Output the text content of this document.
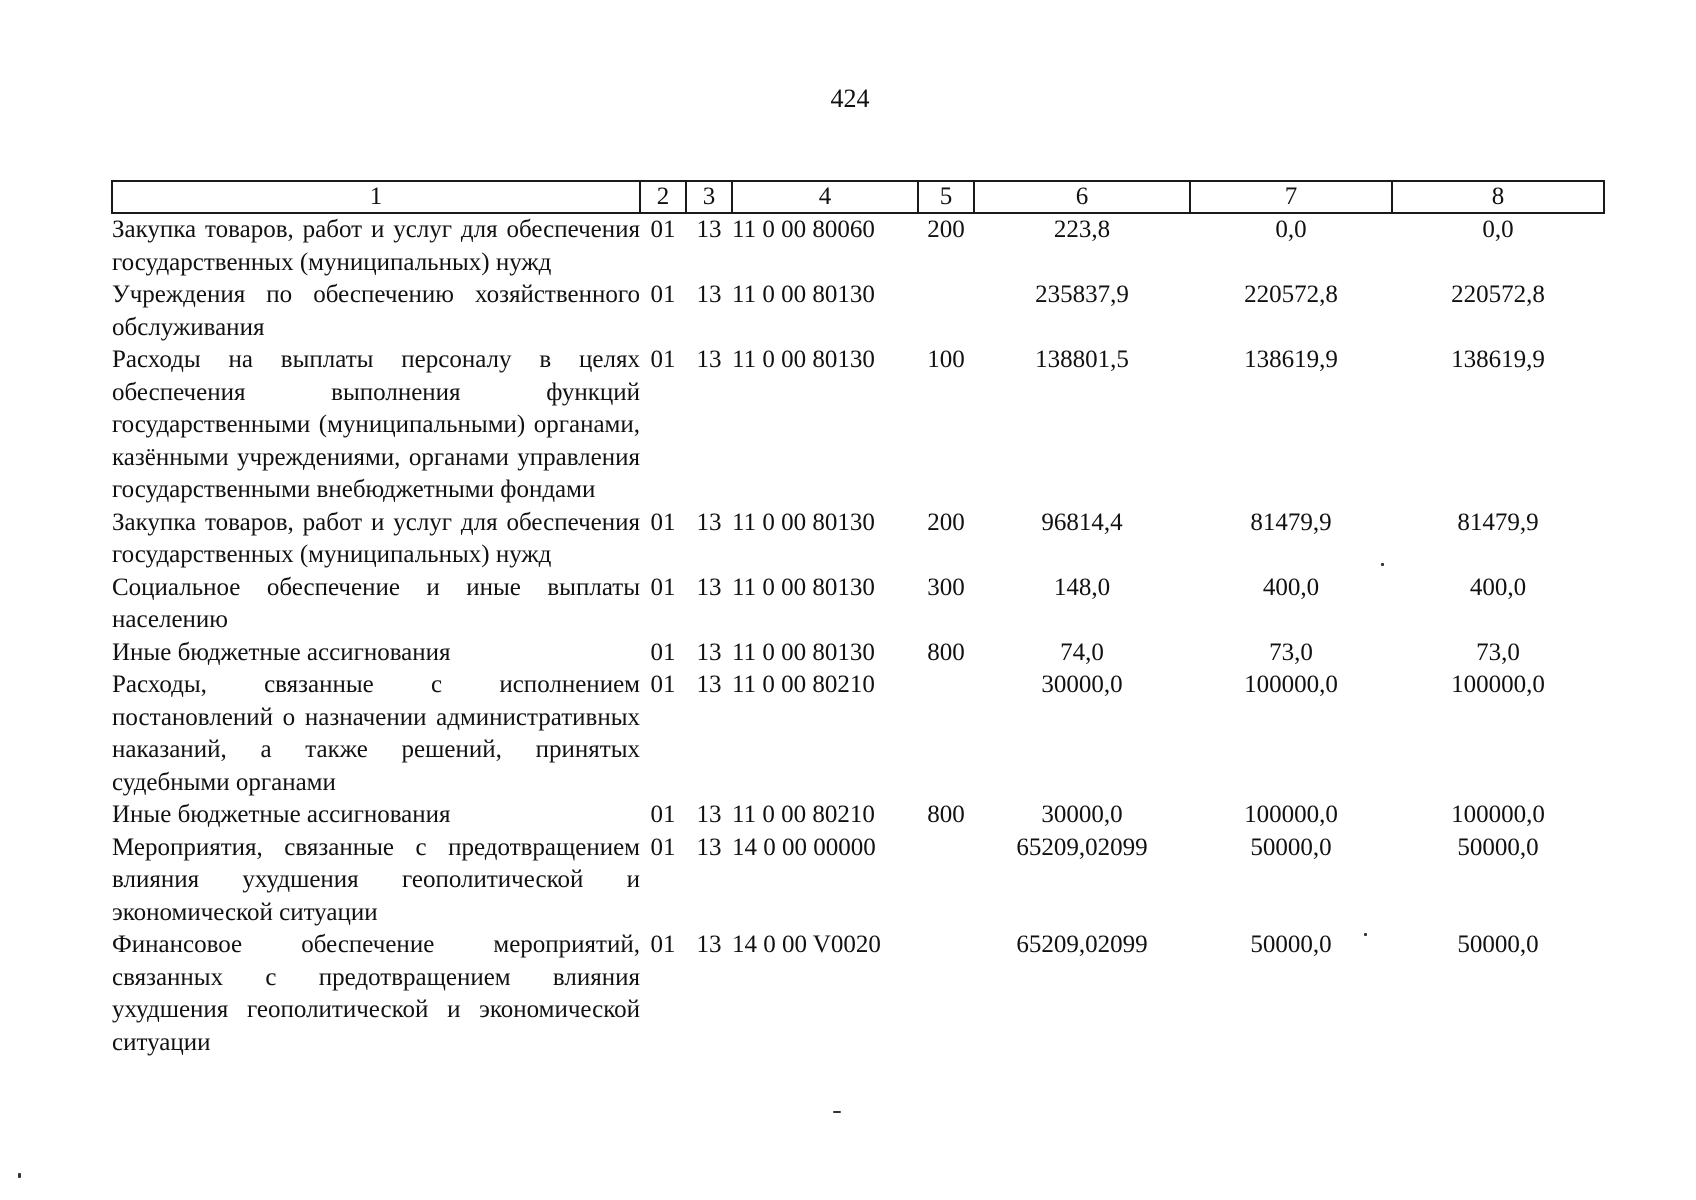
424
1	2	3	4	5	6	7	8
Закупка товаров, работ и услуг для обеспечения государственных (муниципальных) нужд	01	13	11 0 00 80060	200	223,8	0,0	0,0
Учреждения по обеспечению хозяйственного обслуживания	01	13	11 0 00 80130		235837,9	220572,8	220572,8
Расходы на выплаты персоналу в целях обеспечения выполнения функций государственными (муниципальными) органами, казёнными учреждениями, органами управления государственными внебюджетными фондами	01	13	11 0 00 80130	100	138801,5	138619,9	138619,9
Закупка товаров, работ и услуг для обеспечения государственных (муниципальных) нужд	01	13	11 0 00 80130	200	96814,4	81479,9	81479,9
Социальное обеспечение и иные выплаты населению	01	13	11 0 00 80130	300	148,0	400,0	400,0
Иные бюджетные ассигнования	01	13	11 0 00 80130	800	74,0	73,0	73,0
Расходы, связанные с исполнением постановлений о назначении административных наказаний, а также решений, принятых судебными органами	01	13	11 0 00 80210		30000,0	100000,0	100000,0
Иные бюджетные ассигнования	01	13	11 0 00 80210	800	30000,0	100000,0	100000,0
Мероприятия, связанные с предотвращением влияния ухудшения геополитической и экономической ситуации	01	13	14 0 00 00000		65209,02099	50000,0	50000,0
Финансовое обеспечение мероприятий, связанных с предотвращением влияния ухудшения геополитической и экономической ситуации	01	13	14 0 00 V0020		65209,02099	50000,0	50000,0
